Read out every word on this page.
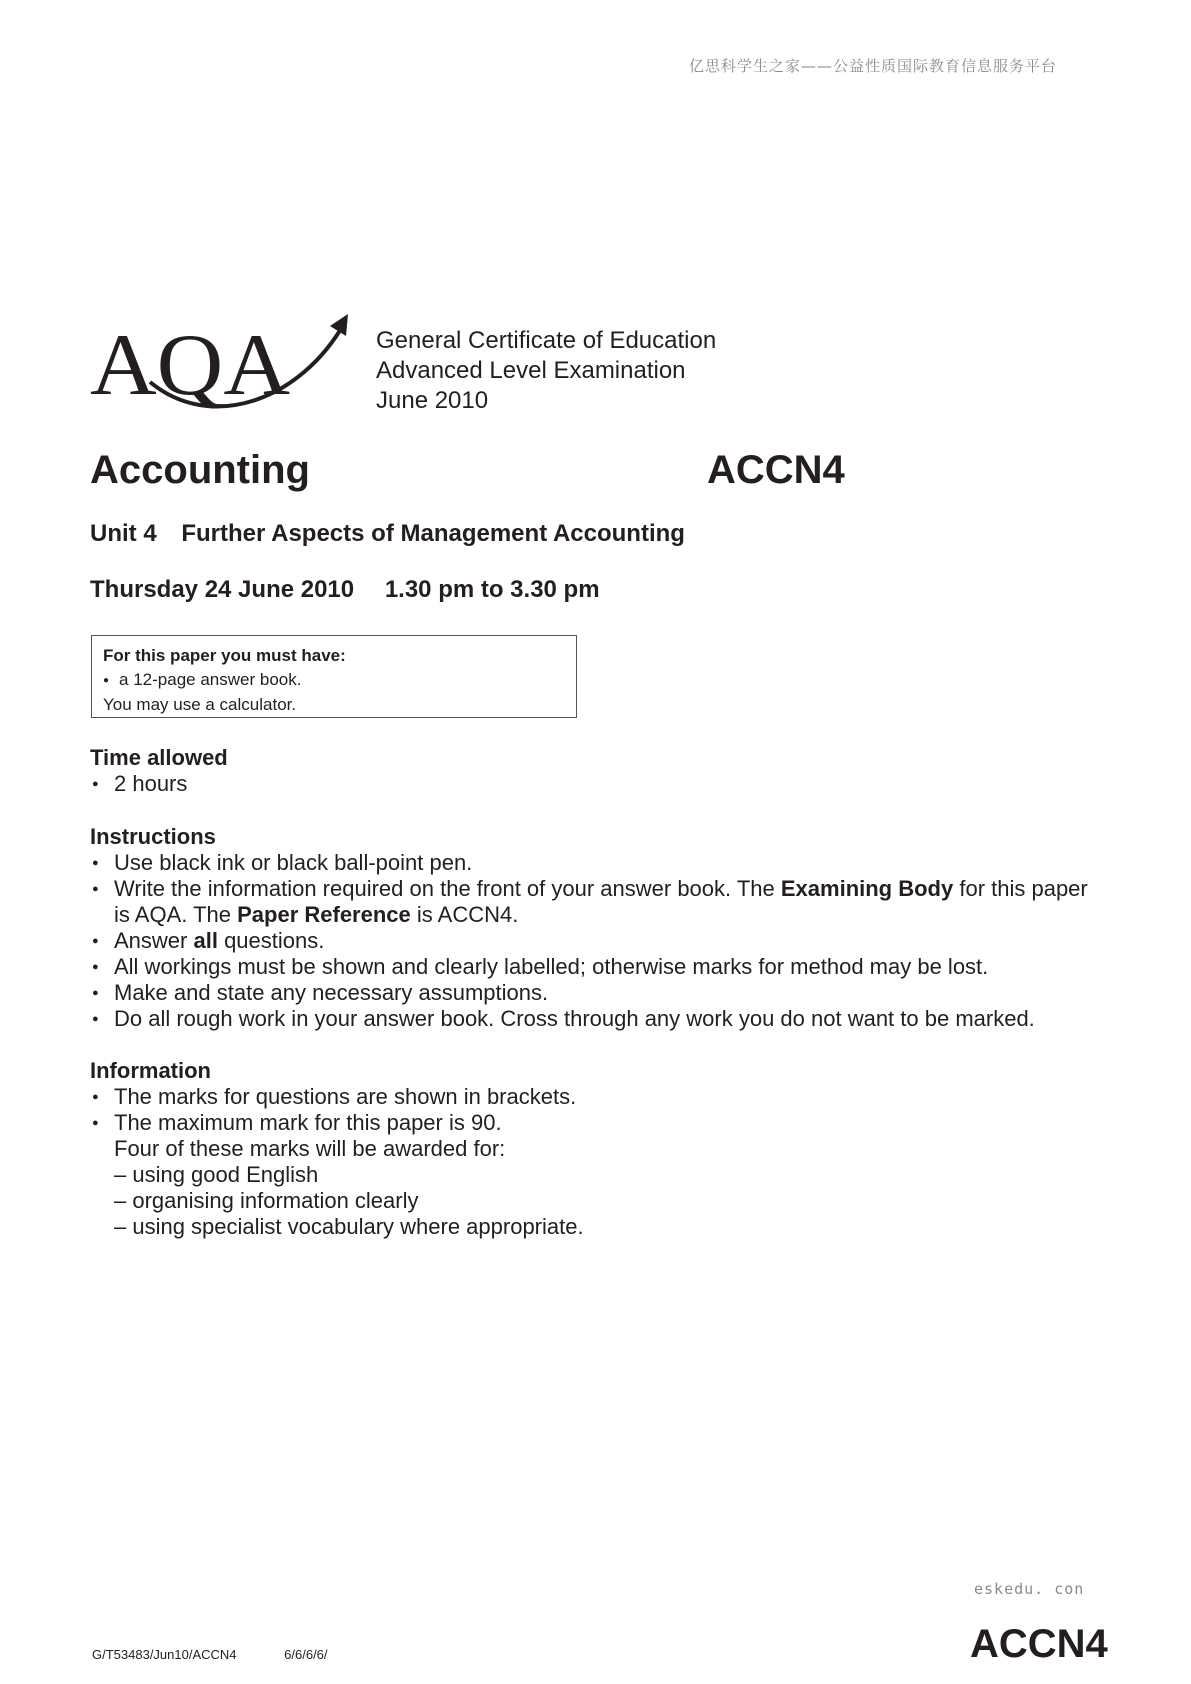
亿思科学生之家——公益性质国际教育信息服务平台
AQA	General Certificate of Education
Advanced Level Examination
June 2010
Accounting	ACCN4
Unit 4 Further Aspects of Management Accounting
Thursday 24 June 2010 1.30 pm to 3.30 pm
For this paper you must have:
● a 12-page answer book.
You may use a calculator.
Time allowed
● 2 hours
Instructions
● Use black ink or black ball-point pen.
● Write the information required on the front of your answer book. The Examining Body for this paper is AQA. The Paper Reference is ACCN4.
● Answer all questions.
● All workings must be shown and clearly labelled; otherwise marks for method may be lost.
● Make and state any necessary assumptions.
● Do all rough work in your answer book. Cross through any work you do not want to be marked.
Information
● The marks for questions are shown in brackets.
● The maximum mark for this paper is 90.
Four of these marks will be awarded for:
– using good English
– organising information clearly
– using specialist vocabulary where appropriate.
eskedu. con
G/T53483/Jun10/ACCN4	6/6/6/6/	ACCN4
